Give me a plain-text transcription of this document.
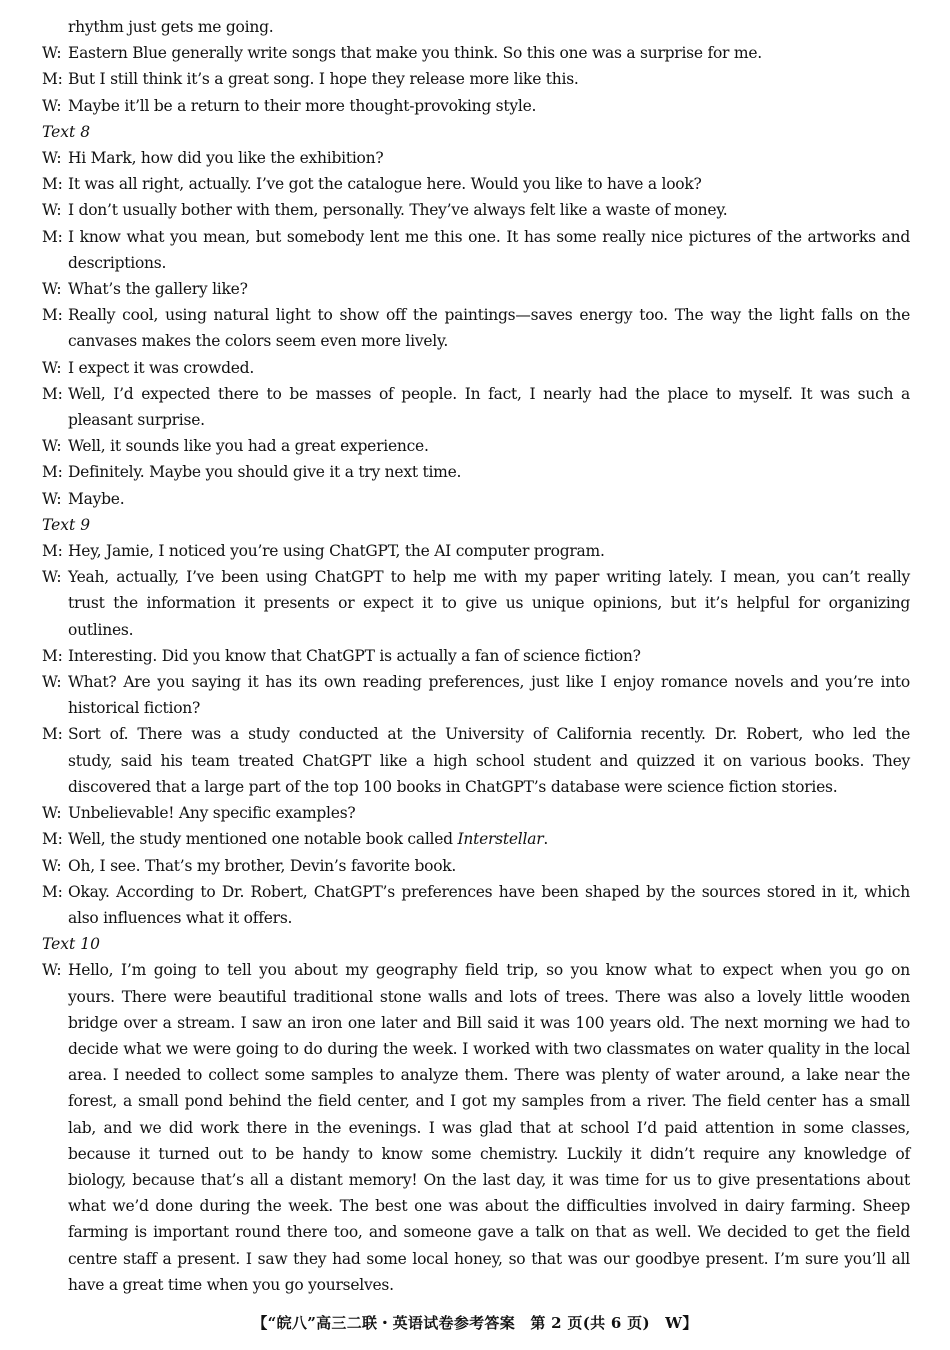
rhythm just gets me going.
W: Eastern Blue generally write songs that make you think. So this one was a surprise for me.
M: But I still think it’s a great song. I hope they release more like this.
W: Maybe it’ll be a return to their more thought-provoking style.
Text 8
W: Hi Mark, how did you like the exhibition?
M: It was all right, actually. I’ve got the catalogue here. Would you like to have a look?
W: I don’t usually bother with them, personally. They’ve always felt like a waste of money.
M: I know what you mean, but somebody lent me this one. It has some really nice pictures of the artworks and
descriptions.
W: What’s the gallery like?
M: Really cool, using natural light to show off the paintings—saves energy too. The way the light falls on the
canvases makes the colors seem even more lively.
W: I expect it was crowded.
M: Well, I’d expected there to be masses of people. In fact, I nearly had the place to myself. It was such a
pleasant surprise.
W: Well, it sounds like you had a great experience.
M: Definitely. Maybe you should give it a try next time.
W: Maybe.
Text 9
M: Hey, Jamie, I noticed you’re using ChatGPT, the AI computer program.
W: Yeah, actually, I’ve been using ChatGPT to help me with my paper writing lately. I mean, you can’t really
trust the information it presents or expect it to give us unique opinions, but it’s helpful for organizing outlines.
M: Interesting. Did you know that ChatGPT is actually a fan of science fiction?
W: What? Are you saying it has its own reading preferences, just like I enjoy romance novels and you’re into
historical fiction?
M: Sort of. There was a study conducted at the University of California recently. Dr. Robert, who led the
study, said his team treated ChatGPT like a high school student and quizzed it on various books. They
discovered that a large part of the top 100 books in ChatGPT’s database were science fiction stories.
W: Unbelievable! Any specific examples?
M: Well, the study mentioned one notable book called Interstellar.
W: Oh, I see. That’s my brother, Devin’s favorite book.
M: Okay. According to Dr. Robert, ChatGPT’s preferences have been shaped by the sources stored in it, which
also influences what it offers.
Text 10
W: Hello, I’m going to tell you about my geography field trip, so you know what to expect when you go on
yours. There were beautiful traditional stone walls and lots of trees. There was also a lovely little wooden
bridge over a stream. I saw an iron one later and Bill said it was 100 years old. The next morning we had to
decide what we were going to do during the week. I worked with two classmates on water quality in the local
area. I needed to collect some samples to analyze them. There was plenty of water around, a lake near the
forest, a small pond behind the field center, and I got my samples from a river. The field center has a small
lab, and we did work there in the evenings. I was glad that at school I’d paid attention in some classes,
because it turned out to be handy to know some chemistry. Luckily it didn’t require any knowledge of
biology, because that’s all a distant memory! On the last day, it was time for us to give presentations about
what we’d done during the week. The best one was about the difficulties involved in dairy farming. Sheep
farming is important round there too, and someone gave a talk on that as well. We decided to get the field
centre staff a present. I saw they had some local honey, so that was our goodbye present. I’m sure you’ll all
have a great time when you go yourselves.
【“皖八”高三二联・英语试卷参考答案　第 2 页(共 6 页)　W】
